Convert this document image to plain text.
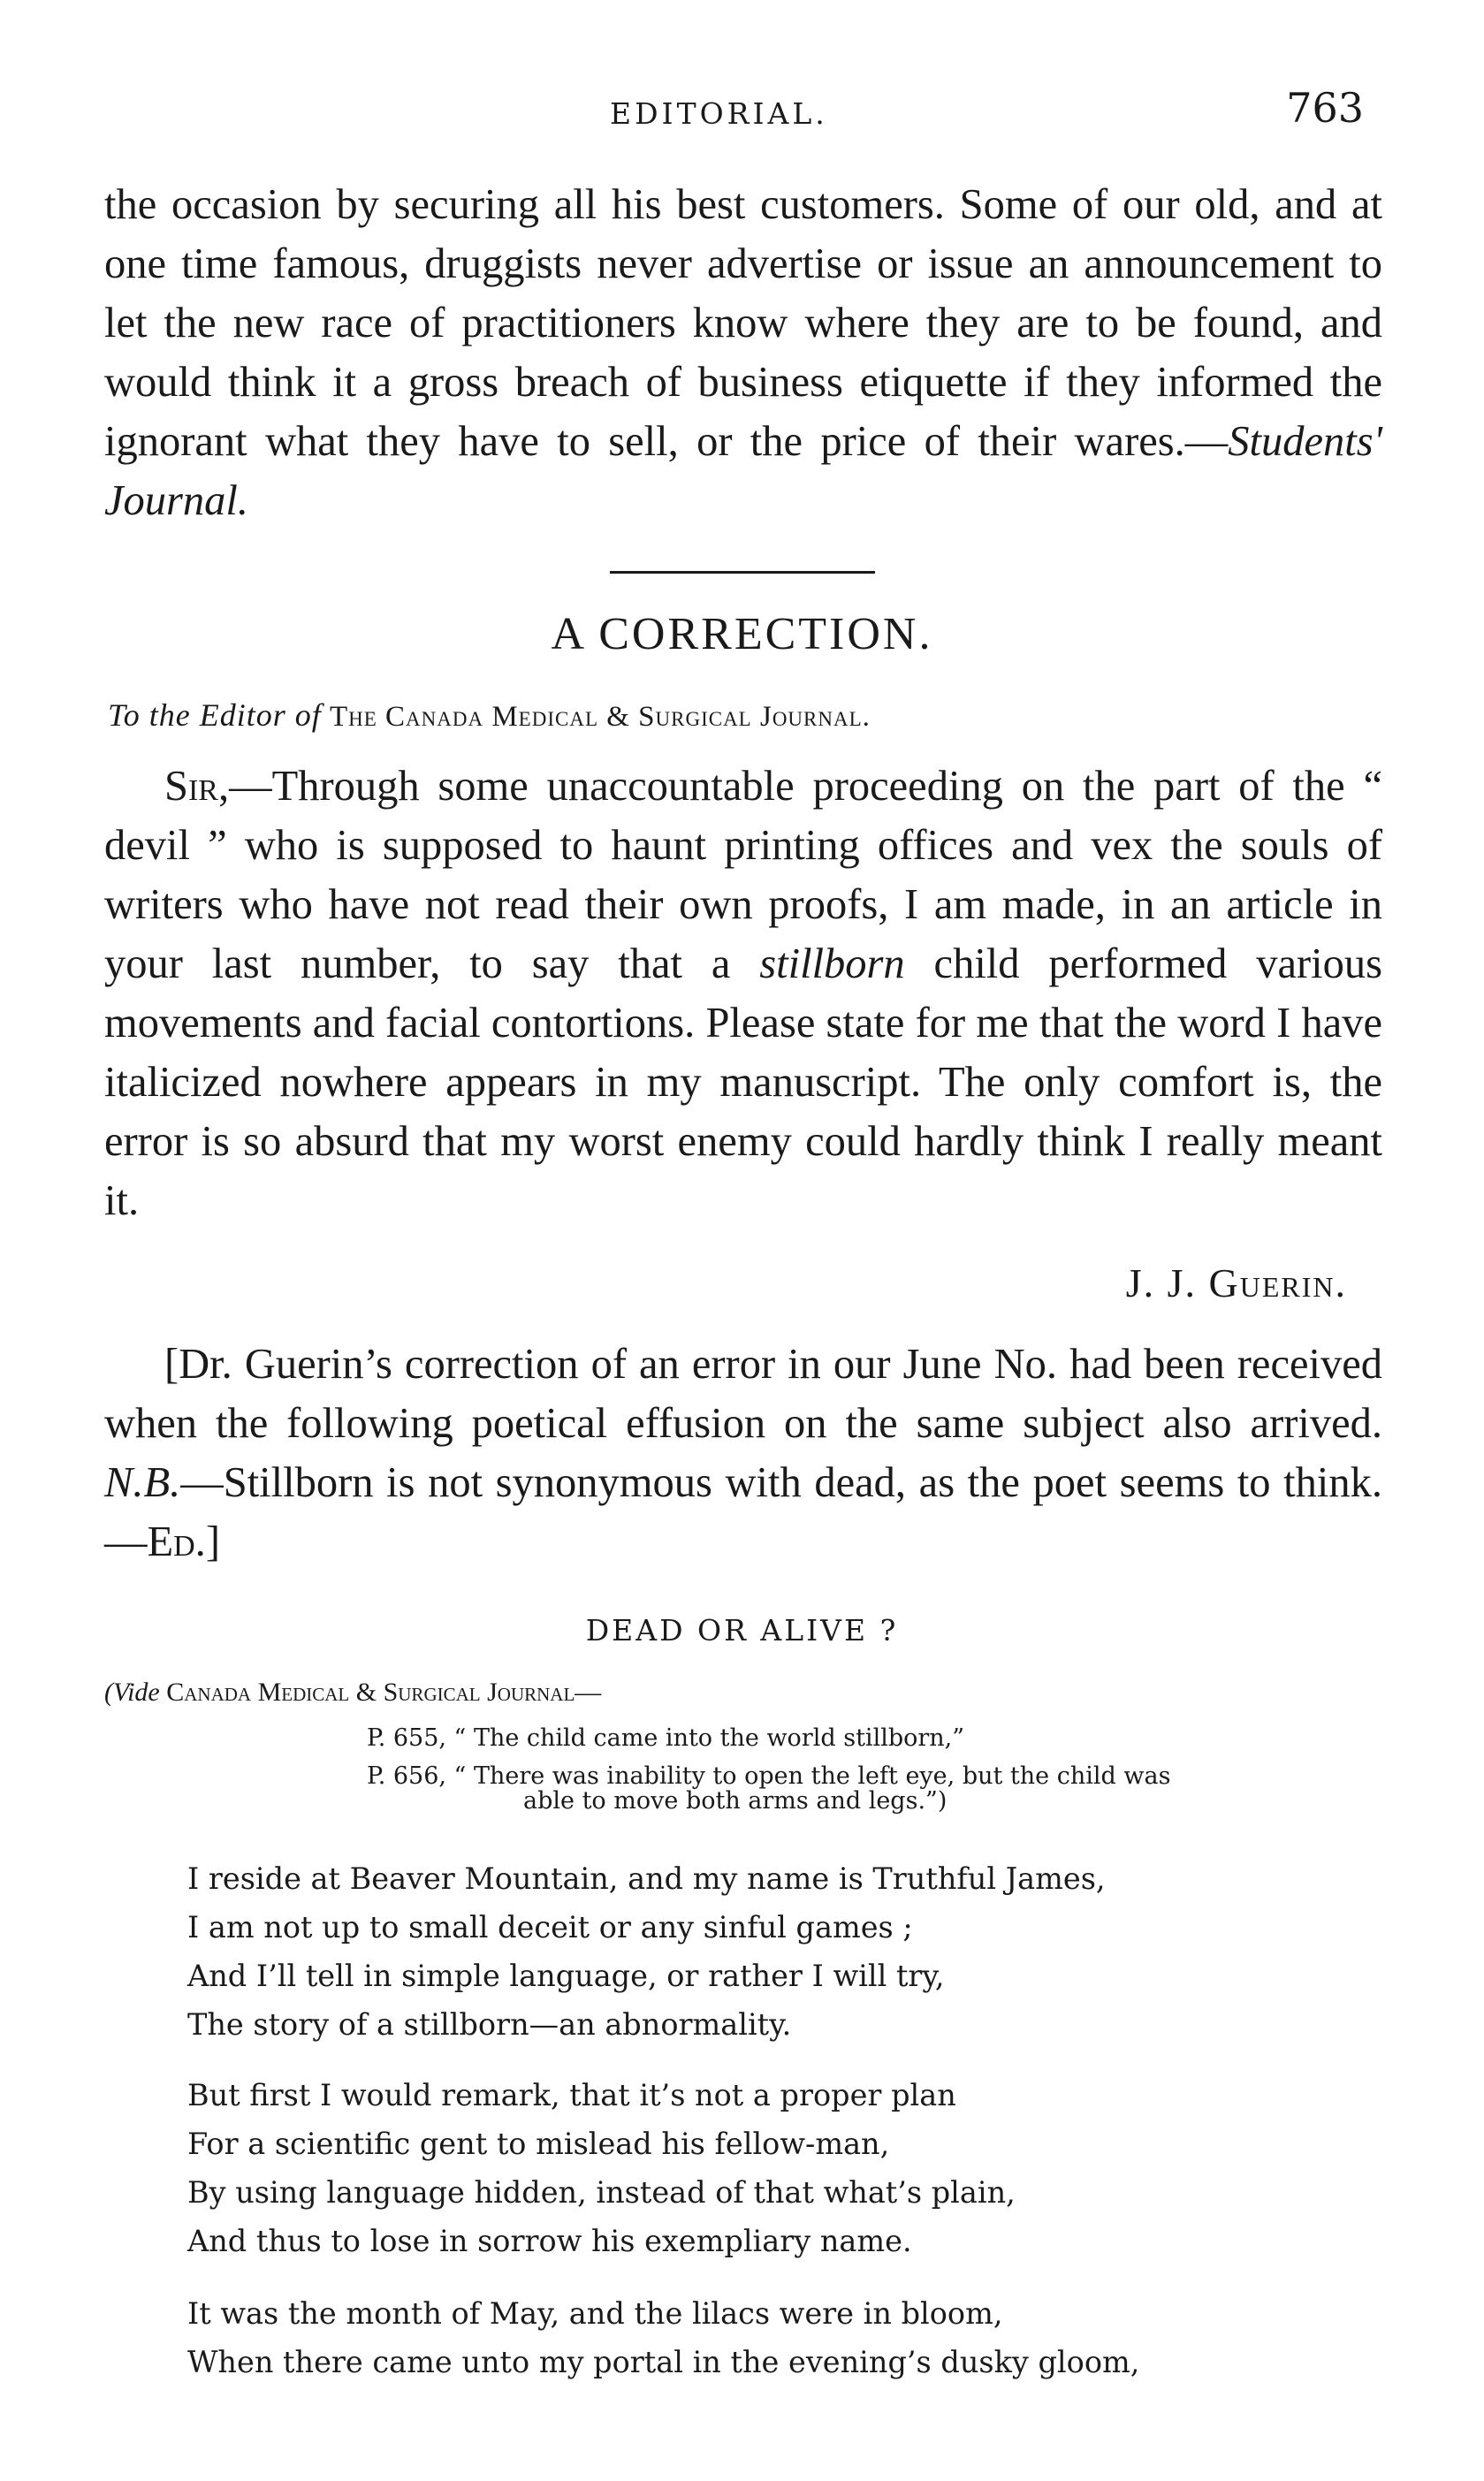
EDITORIAL.	763

the occasion by securing all his best customers. Some of our old, and at one time famous, druggists never advertise or issue an announcement to let the new race of practitioners know where they are to be found, and would think it a gross breach of business etiquette if they informed the ignorant what they have to sell, or the price of their wares.—Students' Journal.

A CORRECTION.
To the Editor of The Canada Medical & Surgical Journal.

Sir,—Through some unaccountable proceeding on the part of the “ devil ” who is supposed to haunt printing offices and vex the souls of writers who have not read their own proofs, I am made, in an article in your last number, to say that a stillborn child performed various movements and facial contortions. Please state for me that the word I have italicized nowhere appears in my manuscript. The only comfort is, the error is so absurd that my worst enemy could hardly think I really meant it.

J. J. Guerin.

[Dr. Guerin’s correction of an error in our June No. had been received when the following poetical effusion on the same subject also arrived. N.B.—Stillborn is not synonymous with dead, as the poet seems to think.—Ed.]

DEAD OR ALIVE ?
(Vide Canada Medical & Surgical Journal—
P. 655, “ The child came into the world stillborn,”
P. 656, “ There was inability to open the left eye, but the child was
able to move both arms and legs.”)
I reside at Beaver Mountain, and my name is Truthful James,
I am not up to small deceit or any sinful games ;
And I’ll tell in simple language, or rather I will try,
The story of a stillborn—an abnormality.
But first I would remark, that it’s not a proper plan
For a scientific gent to mislead his fellow-man,
By using language hidden, instead of that what’s plain,
And thus to lose in sorrow his exempliary name.
It was the month of May, and the lilacs were in bloom,
When there came unto my portal in the evening’s dusky gloom,
